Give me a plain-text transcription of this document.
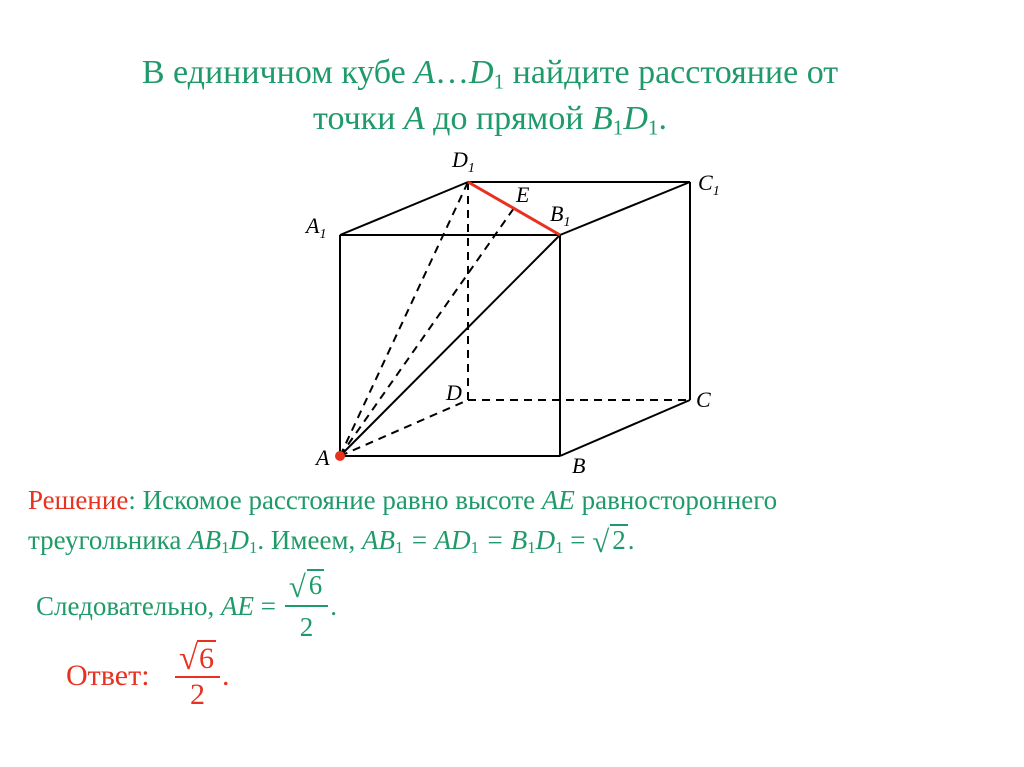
В единичном кубе $A\dots D_1$ найдите расстояние от
точки A до прямой $B_1D_1$.
$D_1$
$C_1$
$A_1$
$B_1$
E
D	C
A	B
Решение: Искомое расстояние равно высоте AE равностороннего
треугольника $AB_1D_1$. Имеем, $AB_1 = AD_1 = B_1D_1$ = √ 2.
Следовательно, AE = $\frac{√ 6}{2}$ .
Ответ: $\frac{√ 6}{2}$ .
